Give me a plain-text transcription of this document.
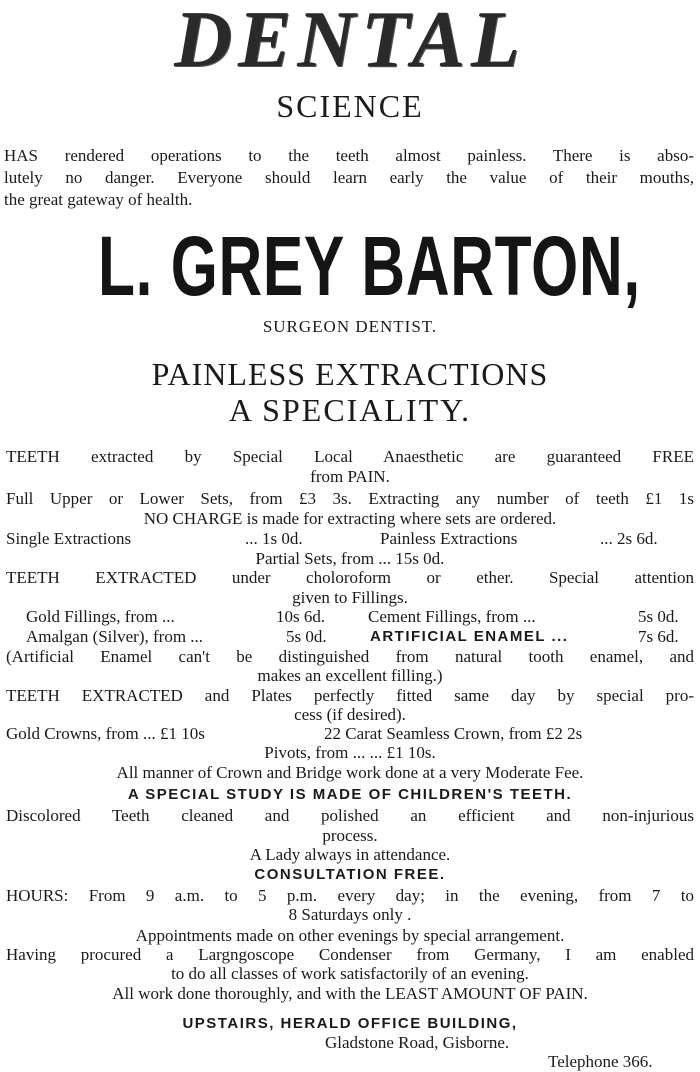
DENTAL
SCIENCE
HAS rendered operations to the teeth almost painless. There is abso-
lutely no danger. Everyone should learn early the value of their mouths,
the great gateway of health.
L. GREY BARTON,
SURGEON DENTIST.
PAINLESS EXTRACTIONS
A SPECIALITY.
TEETH extracted by Special Local Anaesthetic are guaranteed FREE
from PAIN.
Full Upper or Lower Sets, from £3 3s. Extracting any number of teeth £1 1s
NO CHARGE is made for extracting where sets are ordered.
Single Extractions	... 1s 0d.	Painless Extractions	... 2s 6d.
Partial Sets, from ... 15s 0d.
TEETH EXTRACTED under choloroform or ether. Special attention
given to Fillings.
Gold Fillings, from ...	10s 6d.	Cement Fillings, from ...	5s 0d.
Amalgan (Silver), from ...	5s 0d.	ARTIFICIAL ENAMEL ...	7s 6d.
(Artificial Enamel can't be distinguished from natural tooth enamel, and
makes an excellent filling.)
TEETH EXTRACTED and Plates perfectly fitted same day by special pro-
cess (if desired).
Gold Crowns, from ... £1 10s	22 Carat Seamless Crown, from £2 2s
Pivots, from ... ... £1 10s.
All manner of Crown and Bridge work done at a very Moderate Fee.
A SPECIAL STUDY IS MADE OF CHILDREN'S TEETH.
Discolored Teeth cleaned and polished an efficient and non-injurious
process.
A Lady always in attendance.
CONSULTATION FREE.
HOURS: From 9 a.m. to 5 p.m. every day; in the evening, from 7 to
8 Saturdays only .
Appointments made on other evenings by special arrangement.
Having procured a Largngoscope Condenser from Germany, I am enabled
to do all classes of work satisfactorily of an evening.
All work done thoroughly, and with the LEAST AMOUNT OF PAIN.
UPSTAIRS, HERALD OFFICE BUILDING,
Gladstone Road, Gisborne.
Telephone 366.
